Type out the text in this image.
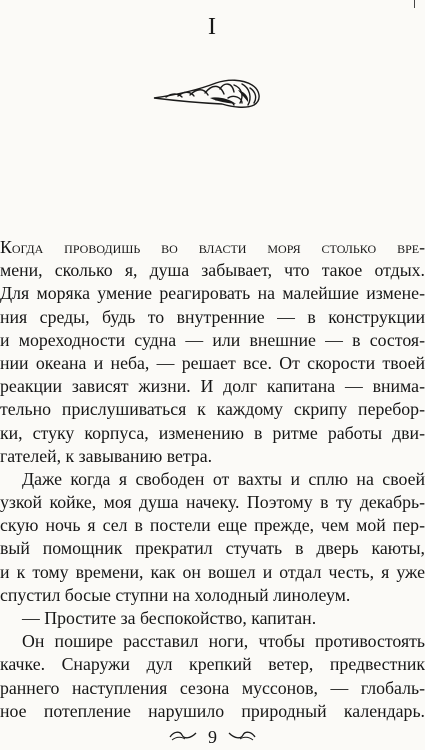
I
Когда проводишь во власти моря столько вре-
мени, сколько я, душа забывает, что такое отдых.
Для моряка умение реагировать на малейшие измене-
ния среды, будь то внутренние — в конструкции
и мореходности судна — или внешние — в состоя-
нии океана и неба, — решает все. От скорости твоей
реакции зависят жизни. И долг капитана — внима-
тельно прислушиваться к каждому скрипу перебор-
ки, стуку корпуса, изменению в ритме работы дви-
гателей, к завыванию ветра.
Даже когда я свободен от вахты и сплю на своей
узкой койке, моя душа начеку. Поэтому в ту декабрь-
скую ночь я сел в постели еще прежде, чем мой пер-
вый помощник прекратил стучать в дверь каюты,
и к тому времени, как он вошел и отдал честь, я уже
спустил босые ступни на холодный линолеум.
— Простите за беспокойство, капитан.
Он пошире расставил ноги, чтобы противостоять
качке. Снаружи дул крепкий ветер, предвестник
раннего наступления сезона муссонов, — глобаль-
ное потепление нарушило природный календарь.
9
